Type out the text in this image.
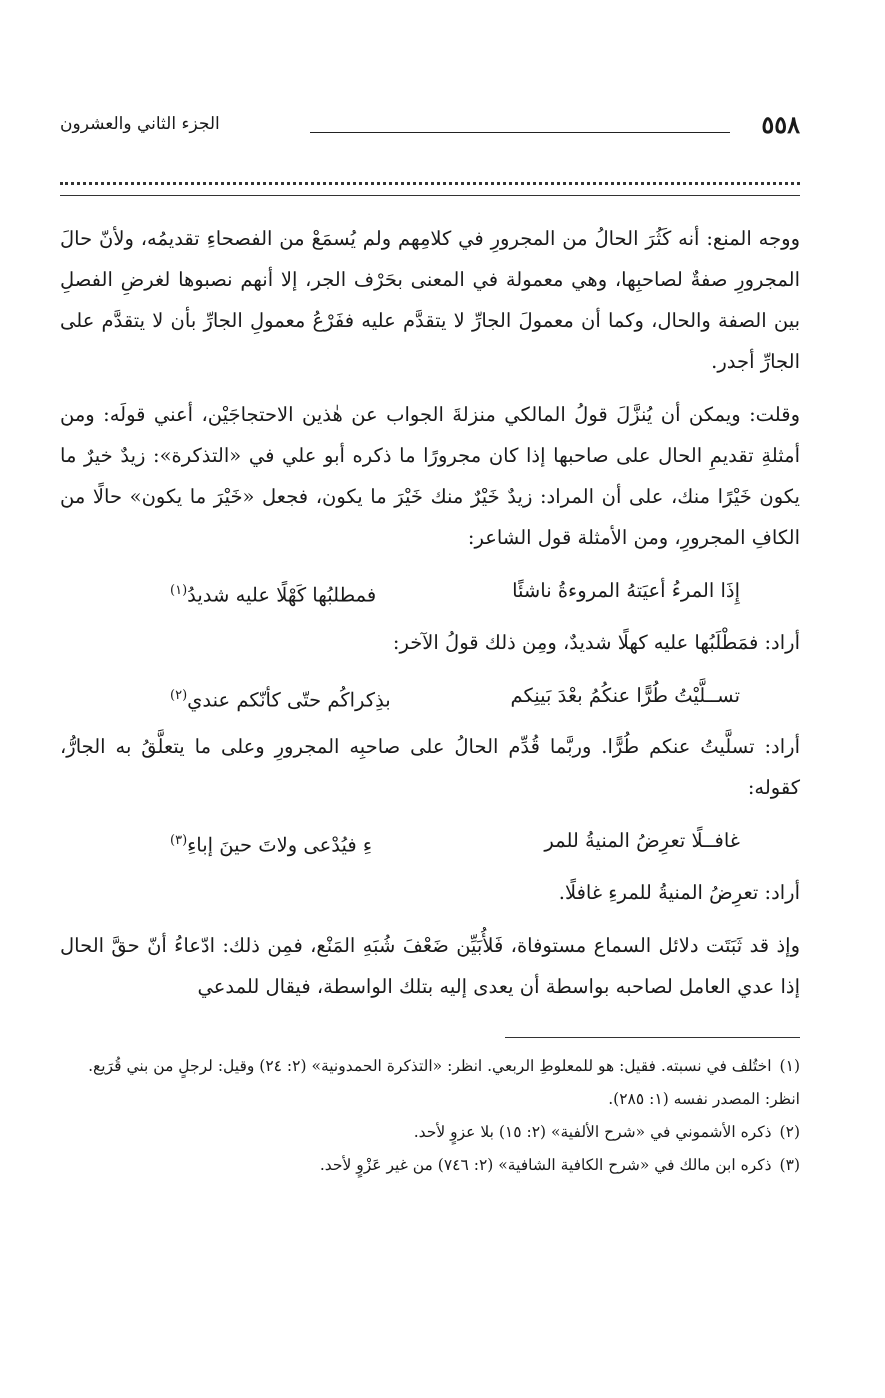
٥٥٨
الجزء الثاني والعشرون

ووجه المنع: أنه كَثُرَ الحالُ من المجرورِ في كلامِهم ولم يُسمَعْ من الفصحاءِ تقديمُه، ولأنّ حالَ المجرورِ صفةٌ لصاحبِها، وهي معمولة في المعنى بحَرْف الجر، إلا أنهم نصبوها لغرضِ الفصلِ بين الصفة والحال، وكما أن معمولَ الجارِّ لا يتقدَّم عليه ففَرْعُ معمولِ الجارِّ بأن لا يتقدَّم على الجارِّ أجدر.

وقلت: ويمكن أن يُنزَّلَ قولُ المالكي منزلةَ الجواب عن هٰذين الاحتجاجَيْن، أعني قولَه: ومن أمثلةِ تقديمِ الحال على صاحبها إذا كان مجرورًا ما ذكره أبو علي في «التذكرة»: زيدٌ خيرٌ ما يكون خَيْرًا منك، على أن المراد: زيدٌ خَيْرٌ منك خَيْرَ ما يكون، فجعل «خَيْرَ ما يكون» حالًا من الكافِ المجرورِ، ومن الأمثلة قول الشاعر:

إِذَا المرءُ أعيَتهُ المروءةُ ناشئًا
فمطلبُها كَهْلًا عليه شديدُ$^{(١)}$

أراد: فمَطْلَبُها عليه كهلًا شديدٌ، ومِن ذلك قولُ الآخر:

تســلَّيْتُ طُرًّا عنكُمُ بعْدَ بَينِكم
بذِكراكُم حتّى كأنّكم عندي$^{(٢)}$

أراد: تسلَّيتُ عنكم طُرًّا. وربَّما قُدِّم الحالُ على صاحبِه المجرورِ وعلى ما يتعلَّقُ به الجارُّ، كقوله:

غافــلًا تعرِضُ المنيةُ للمر
ءِ فيُدْعى ولاتَ حينَ إباءِ$^{(٣)}$

أراد: تعرِضُ المنيةُ للمرءِ غافلًا.

وإذ قد ثَبَتَت دلائل السماع مستوفاة، فَلأُبَيِّن ضَعْفَ شُبَهِ المَنْع، فمِن ذلك: ادّعاءُ أنّ حقَّ الحال إذا عدي العامل لصاحبه بواسطة أن يعدى إليه بتلك الواسطة، فيقال للمدعي

(١)اختُلف في نسبته. فقيل: هو للمعلوطِ الربعي. انظر: «التذكرة الحمدونية» (٢: ٢٤) وقيل: لرجلٍ من بني قُرَيع. انظر: المصدر نفسه (١: ٢٨٥).

(٢)ذكره الأشموني في «شرح الألفية» (٢: ١٥) بلا عزوٍ لأحد.

(٣)ذكره ابن مالك في «شرح الكافية الشافية» (٢: ٧٤٦) من غير عَزْوٍ لأحد.
